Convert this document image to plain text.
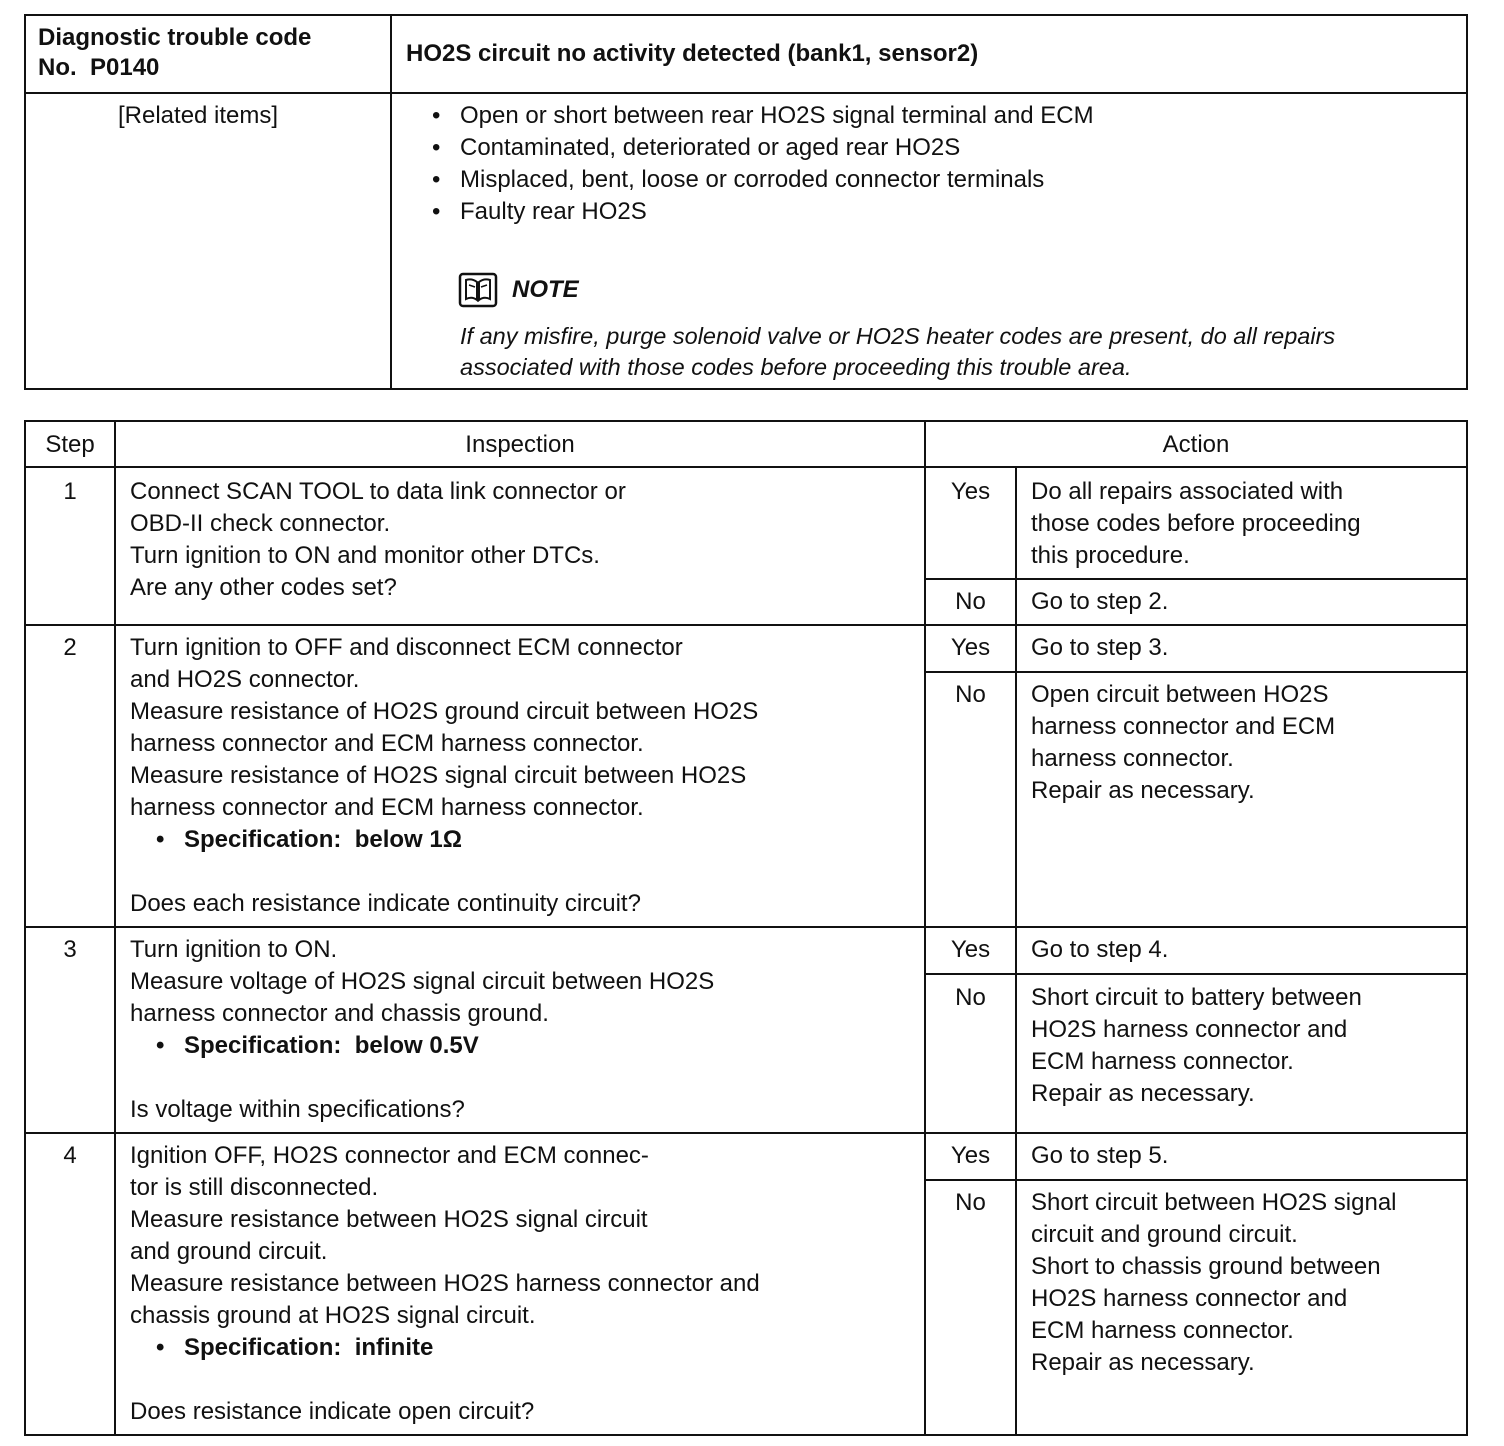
Diagnostic trouble code
No.  P0140
HO2S circuit no activity detected (bank1, sensor2)
[Related items]
•	Open or short between rear HO2S signal terminal and ECM
• Contaminated, deteriorated or aged rear HO2S
• Misplaced, bent, loose or corroded connector terminals
• Faulty rear HO2S
NOTE
If any misfire, purge solenoid valve or HO2S heater codes are present, do all repairs
associated with those codes before proceeding this trouble area.
Step	Inspection	Action
1	Connect SCAN TOOL to data link connector or
OBD-II check connector.
Turn ignition to ON and monitor other DTCs.
Are any other codes set?
Yes	Do all repairs associated with
those codes before proceeding
this procedure.
No	Go to step 2.
2	Turn ignition to OFF and disconnect ECM connector
and HO2S connector.
Measure resistance of HO2S ground circuit between HO2S
harness connector and ECM harness connector.
Measure resistance of HO2S signal circuit between HO2S
harness connector and ECM harness connector.
• Specification:  below 1Ω
Does each resistance indicate continuity circuit?
Yes	Go to step 3.
No	Open circuit between HO2S
harness connector and ECM
harness connector.
Repair as necessary.
3	Turn ignition to ON.
Measure voltage of HO2S signal circuit between HO2S
harness connector and chassis ground.
• Specification:  below 0.5V
Is voltage within specifications?
Yes	Go to step 4.
No	Short circuit to battery between
HO2S harness connector and
ECM harness connector.
Repair as necessary.
4	Ignition OFF, HO2S connector and ECM connec-
tor is still disconnected.
Measure resistance between HO2S signal circuit
and ground circuit.
Measure resistance between HO2S harness connector and
chassis ground at HO2S signal circuit.
• Specification:  infinite
Does resistance indicate open circuit?
Yes	Go to step 5.
No	Short circuit between HO2S signal
circuit and ground circuit.
Short to chassis ground between
HO2S harness connector and
ECM harness connector.
Repair as necessary.
